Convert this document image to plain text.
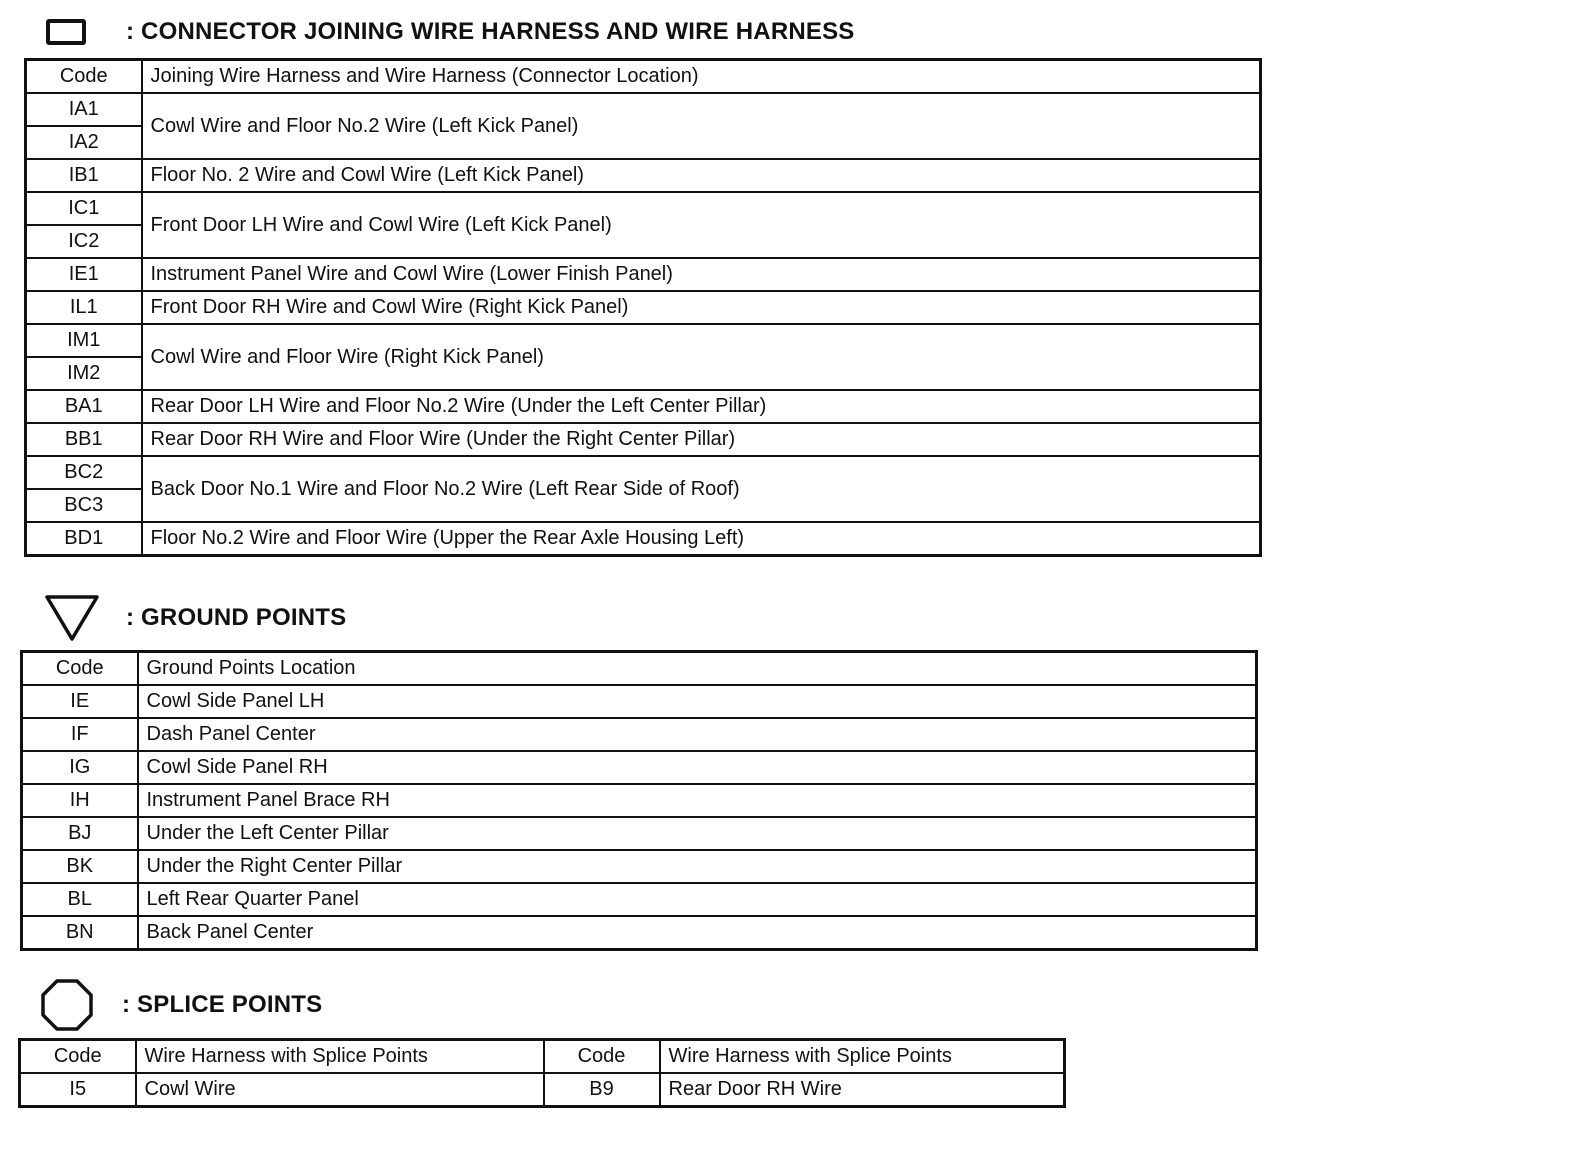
: CONNECTOR JOINING WIRE HARNESS AND WIRE HARNESS
Code	Joining Wire Harness and Wire Harness (Connector Location)
IA1	Cowl Wire and Floor No.2 Wire (Left Kick Panel)
IA2	
IB1	Floor No. 2 Wire and Cowl Wire (Left Kick Panel)
IC1	Front Door LH Wire and Cowl Wire (Left Kick Panel)
IC2	
IE1	Instrument Panel Wire and Cowl Wire (Lower Finish Panel)
IL1	Front Door RH Wire and Cowl Wire (Right Kick Panel)
IM1	Cowl Wire and Floor Wire (Right Kick Panel)
IM2	
BA1	Rear Door LH Wire and Floor No.2 Wire (Under the Left Center Pillar)
BB1	Rear Door RH Wire and Floor Wire (Under the Right Center Pillar)
BC2	Back Door No.1 Wire and Floor No.2 Wire (Left Rear Side of Roof)
BC3	
BD1	Floor No.2 Wire and Floor Wire (Upper the Rear Axle Housing Left)
: GROUND POINTS
Code	Ground Points Location
IE	Cowl Side Panel LH
IF	Dash Panel Center
IG	Cowl Side Panel RH
IH	Instrument Panel Brace RH
BJ	Under the Left Center Pillar
BK	Under the Right Center Pillar
BL	Left Rear Quarter Panel
BN	Back Panel Center
: SPLICE POINTS
Code	Wire Harness with Splice Points	Code	Wire Harness with Splice Points
I5	Cowl Wire	B9	Rear Door RH Wire
